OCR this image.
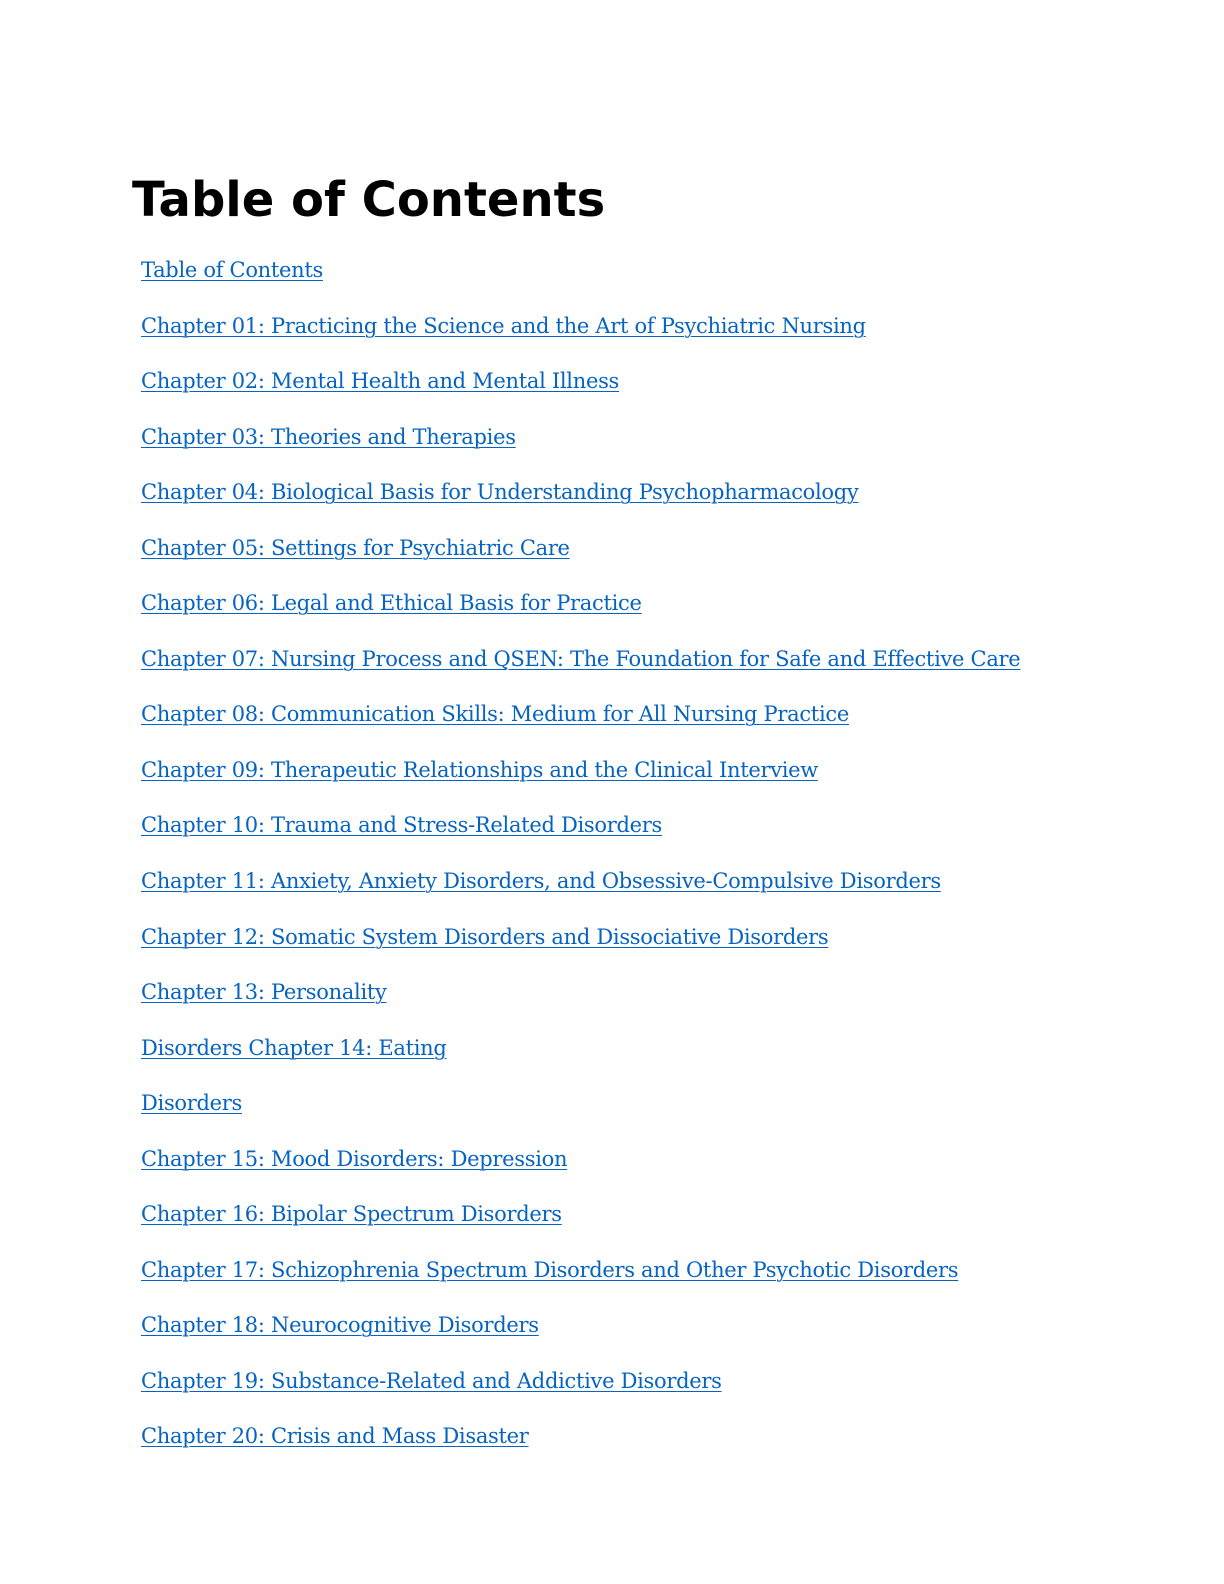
Table of Contents
Table of Contents
Chapter 01: Practicing the Science and the Art of Psychiatric Nursing
Chapter 02: Mental Health and Mental Illness
Chapter 03: Theories and Therapies
Chapter 04: Biological Basis for Understanding Psychopharmacology
Chapter 05: Settings for Psychiatric Care
Chapter 06: Legal and Ethical Basis for Practice
Chapter 07: Nursing Process and QSEN: The Foundation for Safe and Effective Care
Chapter 08: Communication Skills: Medium for All Nursing Practice
Chapter 09: Therapeutic Relationships and the Clinical Interview
Chapter 10: Trauma and Stress-Related Disorders
Chapter 11: Anxiety, Anxiety Disorders, and Obsessive-Compulsive Disorders
Chapter 12: Somatic System Disorders and Dissociative Disorders
Chapter 13: Personality
Disorders Chapter 14: Eating
Disorders
Chapter 15: Mood Disorders: Depression
Chapter 16: Bipolar Spectrum Disorders
Chapter 17: Schizophrenia Spectrum Disorders and Other Psychotic Disorders
Chapter 18: Neurocognitive Disorders
Chapter 19: Substance-Related and Addictive Disorders
Chapter 20: Crisis and Mass Disaster
